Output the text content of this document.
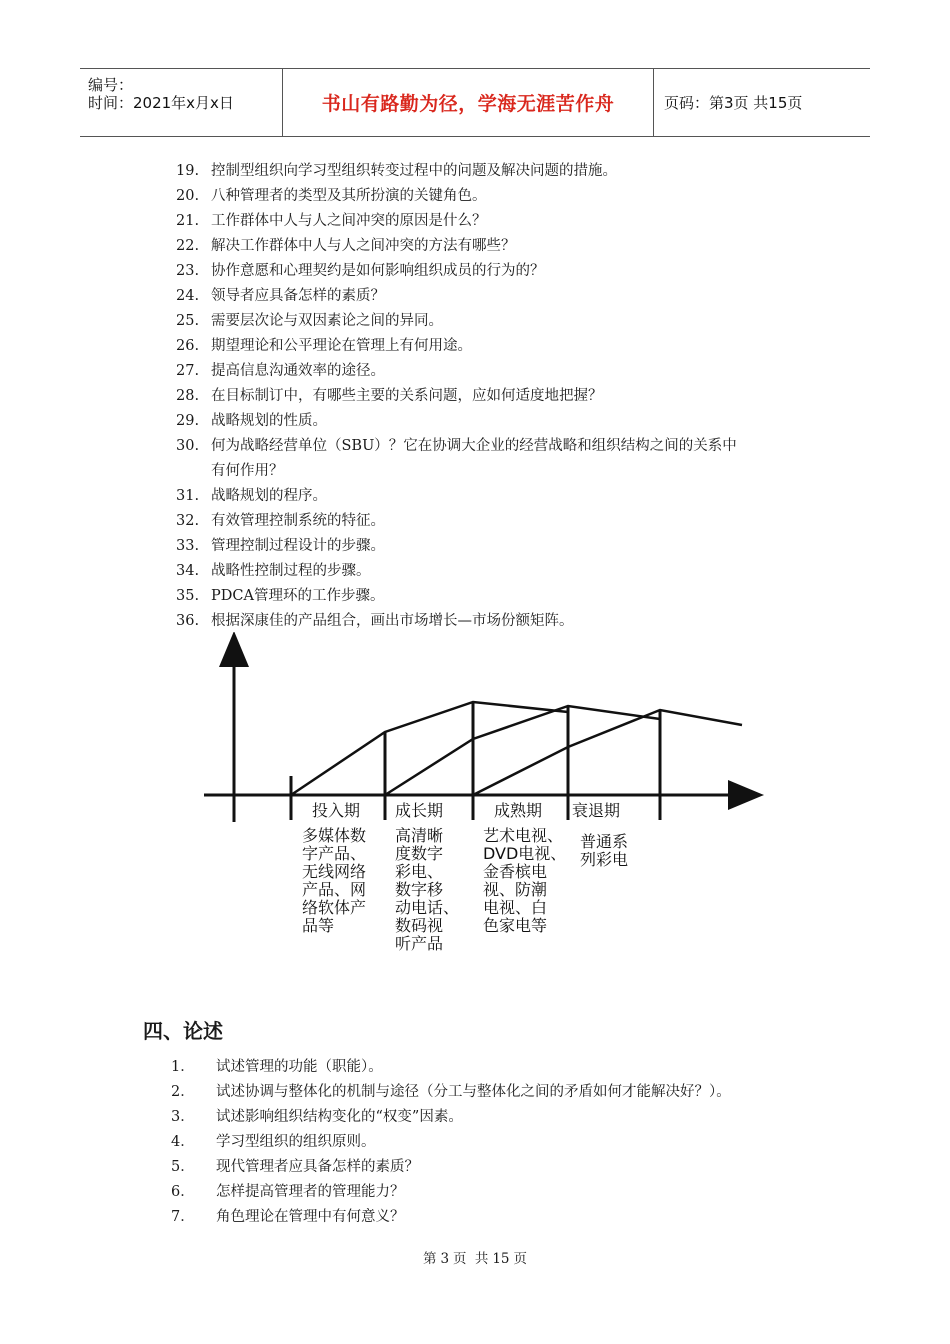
编号：
时间：2021年x月x日	书山有路勤为径，学海无涯苦作舟	页码：第3页 共15页
19. 控制型组织向学习型组织转变过程中的问题及解决问题的措施。
20. 八种管理者的类型及其所扮演的关键角色。
21. 工作群体中人与人之间冲突的原因是什么？
22. 解决工作群体中人与人之间冲突的方法有哪些？
23. 协作意愿和心理契约是如何影响组织成员的行为的？
24. 领导者应具备怎样的素质？
25. 需要层次论与双因素论之间的异同。
26. 期望理论和公平理论在管理上有何用途。
27. 提高信息沟通效率的途径。
28. 在目标制订中，有哪些主要的关系问题，应如何适度地把握？
29. 战略规划的性质。
30. 何为战略经营单位（SBU）？它在协调大企业的经营战略和组织结构之间的关系中
有何作用？
31. 战略规划的程序。
32. 有效管理控制系统的特征。
33. 管理控制过程设计的步骤。
34. 战略性控制过程的步骤。
35. PDCA管理环的工作步骤。
36. 根据深康佳的产品组合，画出市场增长—市场份额矩阵。
投入期 成长期	成熟期 衰退期
多媒体数
字产品、
无线网络
产品、网
络软体产
品等
高清晰
度数字
彩电、
数字移
动电话、
数码视
听产品
艺术电视、
DVD电视、
金香槟电
视、防潮
电视、白
色家电等
普通系
列彩电
四、论述
1． 试述管理的功能（职能）。
2． 试述协调与整体化的机制与途径（分工与整体化之间的矛盾如何才能解决好？）。
3． 试述影响组织结构变化的“权变”因素。
4． 学习型组织的组织原则。
5． 现代管理者应具备怎样的素质？
6． 怎样提高管理者的管理能力？
7． 角色理论在管理中有何意义？
第 3 页 共 15 页
